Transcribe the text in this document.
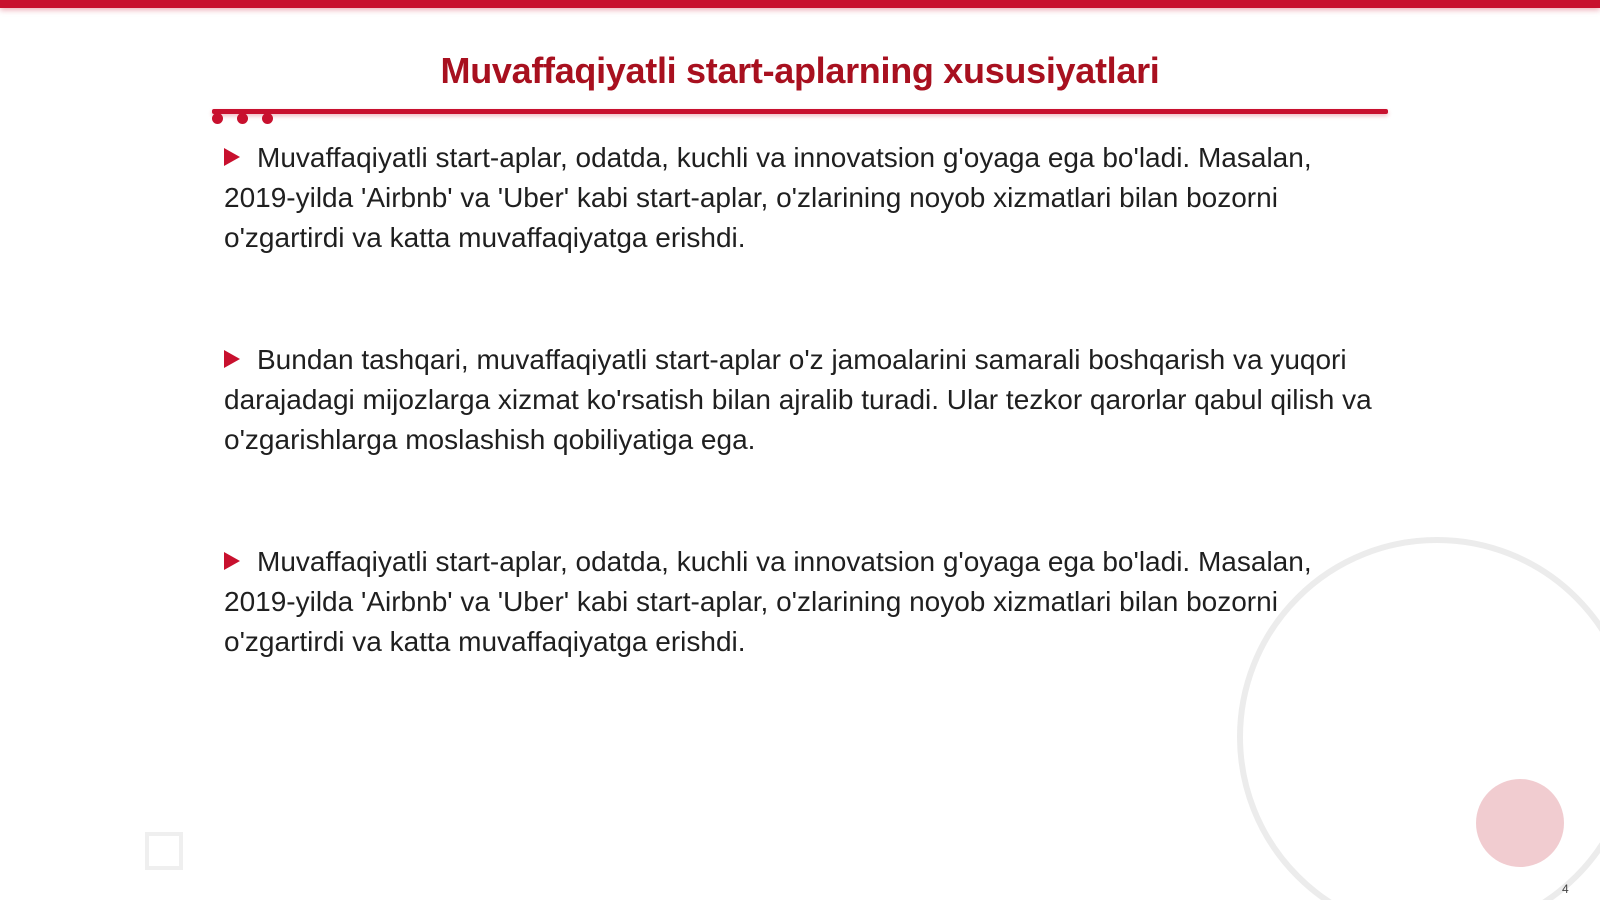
Muvaffaqiyatli start-aplarning xususiyatlari

Muvaffaqiyatli start-aplar, odatda, kuchli va innovatsion g'oyaga ega bo'ladi. Masalan, 2019-yilda 'Airbnb' va 'Uber' kabi start-aplar, o'zlarining noyob xizmatlari bilan bozorni o'zgartirdi va katta muvaffaqiyatga erishdi.

Bundan tashqari, muvaffaqiyatli start-aplar o'z jamoalarini samarali boshqarish va yuqori darajadagi mijozlarga xizmat ko'rsatish bilan ajralib turadi. Ular tezkor qarorlar qabul qilish va o'zgarishlarga moslashish qobiliyatiga ega.

Muvaffaqiyatli start-aplar, odatda, kuchli va innovatsion g'oyaga ega bo'ladi. Masalan, 2019-yilda 'Airbnb' va 'Uber' kabi start-aplar, o'zlarining noyob xizmatlari bilan bozorni o'zgartirdi va katta muvaffaqiyatga erishdi.

4
